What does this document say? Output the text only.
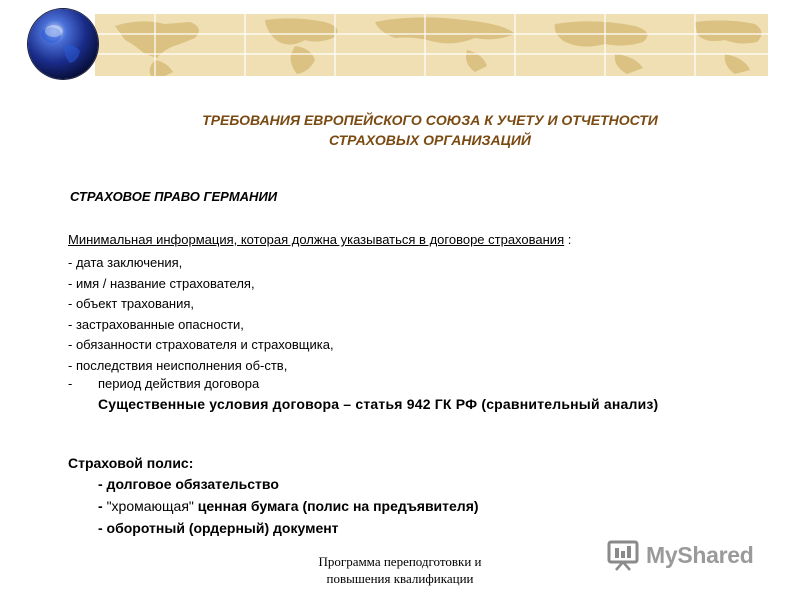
ТРЕБОВАНИЯ ЕВРОПЕЙСКОГО СОЮЗА К УЧЕТУ И ОТЧЕТНОСТИ
СТРАХОВЫХ ОРГАНИЗАЦИЙ
СТРАХОВОЕ ПРАВО ГЕРМАНИИ
Минимальная информация, которая должна указываться в договоре страхования :
- дата заключения,
- имя / название страхователя,
- объект трахования,
- застрахованные опасности,
- обязанности страхователя и страховщика,
- последствия неисполнения об-ств,
- период действия договора
Существенные условия договора – статья 942 ГК РФ (сравнительный анализ)
Страховой полис:
- долговое обязательство
- "хромающая" ценная бумага (полис на предъявителя)
- оборотный (ордерный) документ
Программа переподготовки и
повышения квалификации
MyShared
